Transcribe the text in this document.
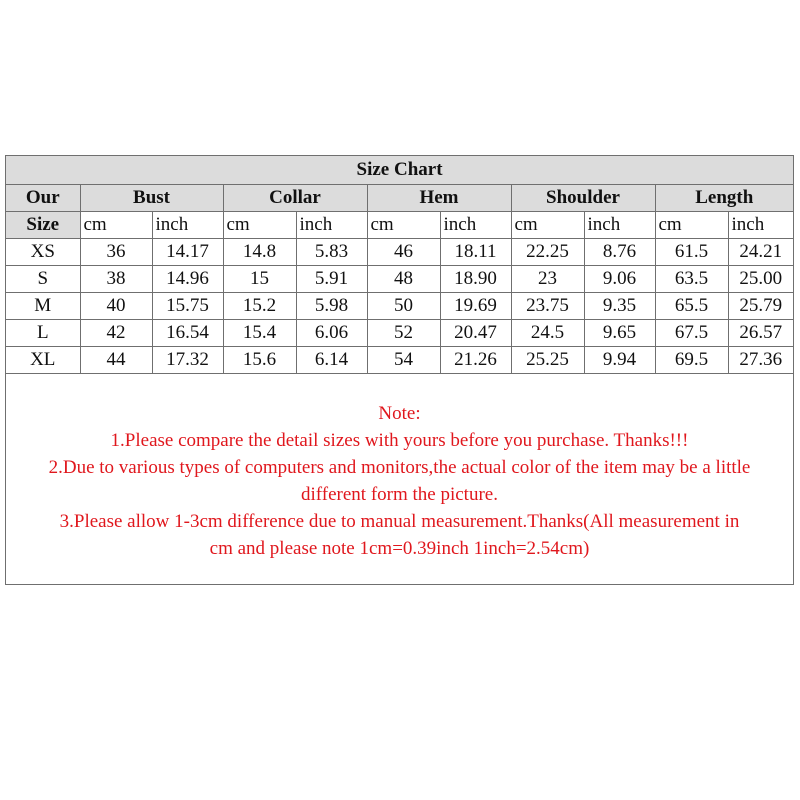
Size Chart										
Our	Bust		Collar		Hem		Shoulder		Length	
Size	cm	inch	cm	inch	cm	inch	cm	inch	cm	inch
XS	36	14.17	14.8	5.83	46	18.11	22.25	8.76	61.5	24.21
S	38	14.96	15	5.91	48	18.90	23	9.06	63.5	25.00
M	40	15.75	15.2	5.98	50	19.69	23.75	9.35	65.5	25.79
L	42	16.54	15.4	6.06	52	20.47	24.5	9.65	67.5	26.57
XL	44	17.32	15.6	6.14	54	21.26	25.25	9.94	69.5	27.36
Note:
1.Please compare the detail sizes with yours before you purchase. Thanks!!!
2.Due to various types of computers and monitors,the actual color of the item may be a little
different form the picture.
3.Please allow 1-3cm difference due to manual measurement.Thanks(All measurement in
cm and please note 1cm=0.39inch 1inch=2.54cm)
